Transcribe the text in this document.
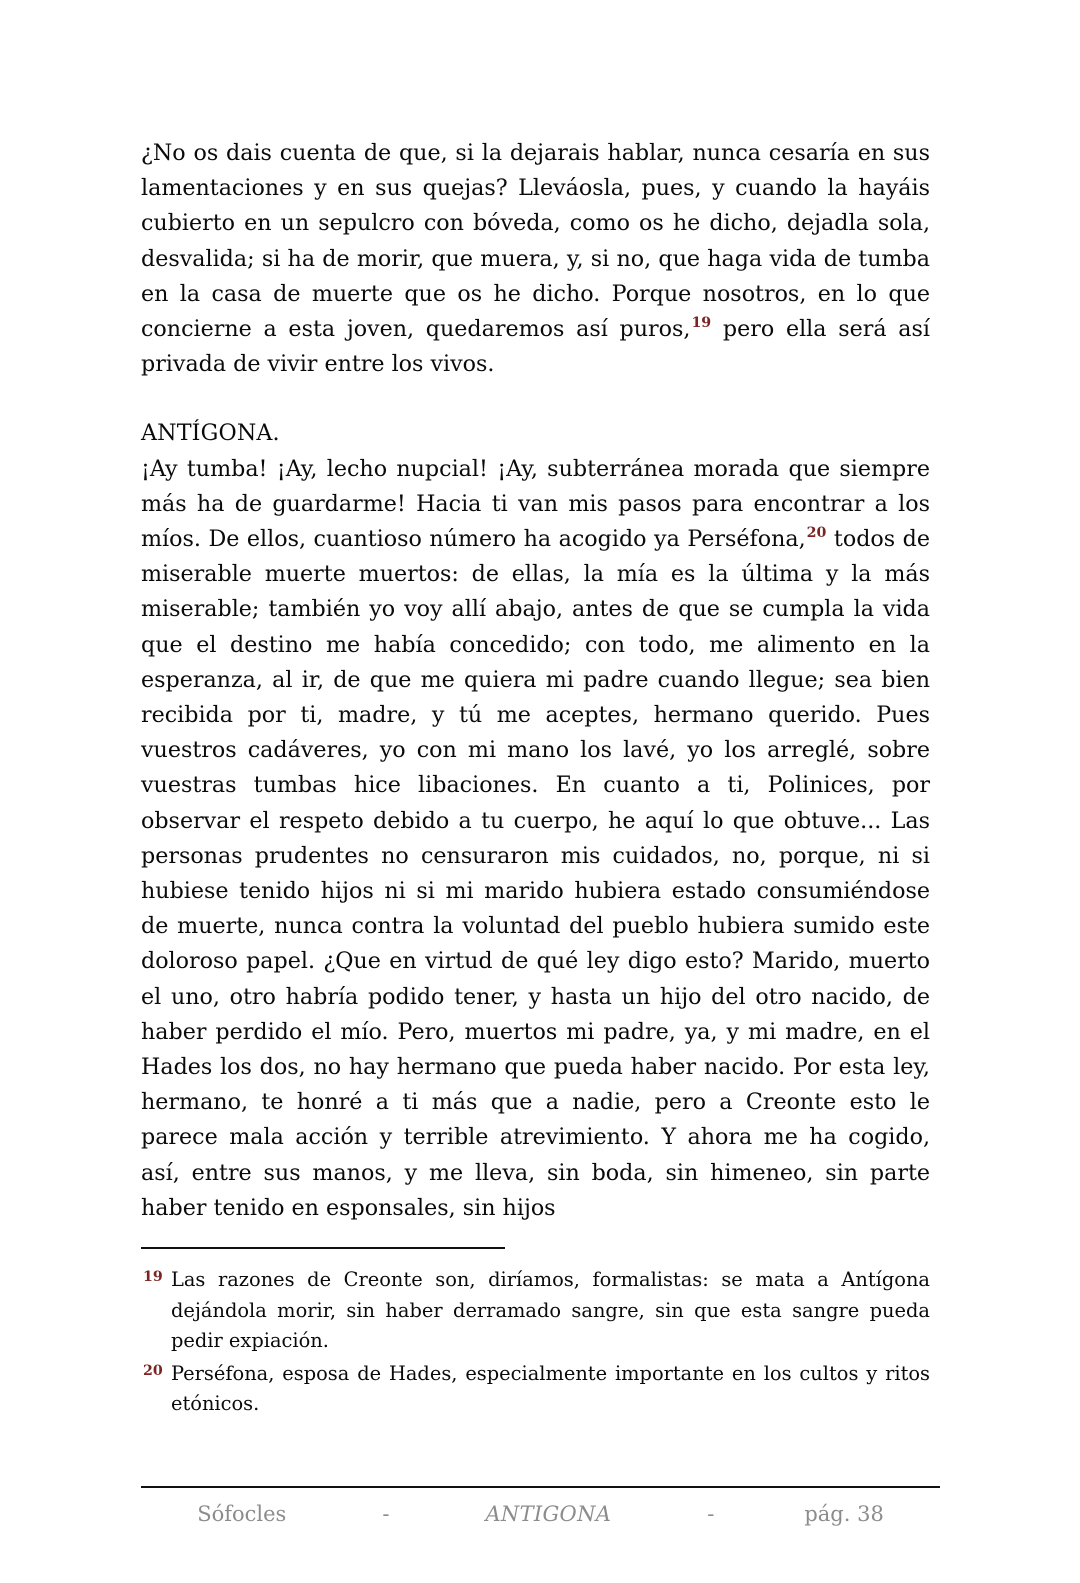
¿No os dais cuenta de que, si la dejarais hablar, nunca cesaría en sus lamentaciones y en sus quejas? Lleváosla, pues, y cuando la hayáis cubierto en un sepulcro con bóveda, como os he dicho, dejadla sola, desvalida; si ha de morir, que muera, y, si no, que haga vida de tumba en la casa de muerte que os he dicho. Porque nosotros, en lo que concierne a esta joven, quedaremos así puros,$^{19}$ pero ella será así privada de vivir entre los vivos.

ANTÍGONA.

¡Ay tumba! ¡Ay, lecho nupcial! ¡Ay, subterránea morada que siempre más ha de guardarme! Hacia ti van mis pasos para encontrar a los míos. De ellos, cuantioso número ha acogido ya Perséfona,$^{20}$ todos de miserable muerte muertos: de ellas, la mía es la última y la más miserable; también yo voy allí abajo, antes de que se cumpla la vida que el destino me había concedido; con todo, me alimento en la esperanza, al ir, de que me quiera mi padre cuando llegue; sea bien recibida por ti, madre, y tú me aceptes, hermano querido. Pues vuestros cadáveres, yo con mi mano los lavé, yo los arreglé, sobre vuestras tumbas hice libaciones. En cuanto a ti, Polinices, por observar el respeto debido a tu cuerpo, he aquí lo que obtuve... Las personas prudentes no censuraron mis cuidados, no, porque, ni si hubiese tenido hijos ni si mi marido hubiera estado consumiéndose de muerte, nunca contra la voluntad del pueblo hubiera sumido este doloroso papel. ¿Que en virtud de qué ley digo esto? Marido, muerto el uno, otro habría podido tener, y hasta un hijo del otro nacido, de haber perdido el mío. Pero, muertos mi padre, ya, y mi madre, en el Hades los dos, no hay hermano que pueda haber nacido. Por esta ley, hermano, te honré a ti más que a nadie, pero a Creonte esto le parece mala acción y terrible atrevimiento. Y ahora me ha cogido, así, entre sus manos, y me lleva, sin boda, sin himeneo, sin parte haber tenido en esponsales, sin hijos

19 Las razones de Creonte son, diríamos, formalistas: se mata a Antígona dejándola morir, sin haber derramado sangre, sin que esta sangre pueda pedir expiación.

20 Perséfona, esposa de Hades, especialmente importante en los cultos y ritos etónicos.

Sófocles	-	ANTIGONA	-	pág. 38
